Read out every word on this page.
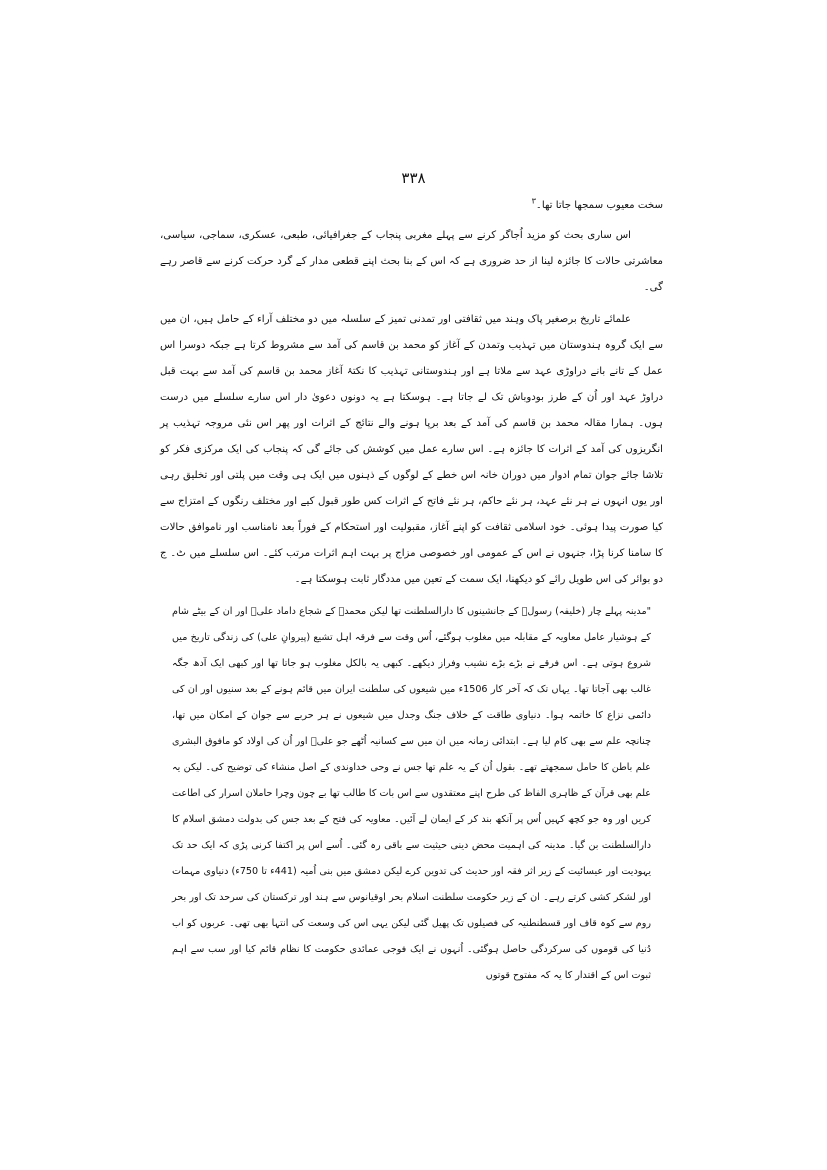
۳۳۸

سخت معیوب سمجھا جاتا تھا۔$^۳$

اس ساری بحث کو مزید اُجاگر کرنے سے پہلے مغربی پنجاب کے جغرافیائی، طبعی، عسکری، سماجی، سیاسی، معاشرتی حالات کا جائزہ لینا از حد ضروری ہے کہ اس کے بنا بحث اپنے قطعی مدار کے گرد حرکت کرنے سے قاصر رہے گی۔

علمائے تاریخ برصغیر پاک وہند میں ثقافتی اور تمدنی تمیز کے سلسلہ میں دو مختلف آراء کے حامل ہیں، ان میں سے ایک گروہ ہندوستان میں تہذیب وتمدن کے آغاز کو محمد بن قاسم کی آمد سے مشروط کرتا ہے جبکہ دوسرا اس عمل کے تانے بانے دراوڑی عہد سے ملاتا ہے اور ہندوستانی تہذیب کا نکتۂ آغاز محمد بن قاسم کی آمد سے بہت قبل دراوڑ عہد اور اُن کے طرز بودوباش تک لے جاتا ہے۔ ہوسکتا ہے یہ دونوں دعویٰ دار اس سارے سلسلے میں درست ہوں۔ ہمارا مقالہ محمد بن قاسم کی آمد کے بعد برپا ہونے والے نتائج کے اثرات اور پھر اس نئی مروجہ تہذیب پر انگریزوں کی آمد کے اثرات کا جائزہ ہے۔ اس سارے عمل میں کوشش کی جائے گی کہ پنجاب کی ایک مرکزی فکر کو تلاشا جائے جوان تمام ادوار میں دوران خانہ اس خطے کے لوگوں کے ذہنوں میں ایک ہی وقت میں پلتی اور تخلیق رہی اور یوں انہوں نے ہر نئے عہد، ہر نئے حاکم، ہر نئے فاتح کے اثرات کس طور قبول کیے اور مختلف رنگوں کے امتزاج سے کیا صورت پیدا ہوئی۔ خود اسلامی ثقافت کو اپنے آغاز، مقبولیت اور استحکام کے فوراً بعد نامناسب اور ناموافق حالات کا سامنا کرنا پڑا، جنہوں نے اس کے عمومی اور خصوصی مزاج پر بہت اہم اثرات مرتب کئے۔ اس سلسلے میں ٹ۔ ج دو بوائر کی اس طویل رائے کو دیکھنا، ایک سمت کے تعین میں مددگار ثابت ہوسکتا ہے۔

"مدینہ پہلے چار (خلیفہ) رسولؐ کے جانشینوں کا دارالسلطنت تھا لیکن محمدؐ کے شجاع داماد علیؓ اور ان کے بیٹے شام کے ہوشیار عامل معاویہ کے مقابلہ میں مغلوب ہوگئے، اُس وقت سے فرقہ اہل تشیع (پیروانِ علی) کی زندگی تاریخ میں شروع ہوتی ہے۔ اس فرقے نے بڑے بڑے نشیب وفراز دیکھے۔ کبھی یہ بالکل مغلوب ہو جاتا تھا اور کبھی ایک آدھ جگہ غالب بھی آجاتا تھا۔ یہاں تک کہ آخر کار 1506ء میں شیعوں کی سلطنت ایران میں قائم ہونے کے بعد سنیوں اور ان کی دائمی نزاع کا خاتمہ ہوا۔ دنیاوی طاقت کے خلاف جنگ وجدل میں شیعوں نے ہر حربے سے جوان کے امکان میں تھا، چنانچہ علم سے بھی کام لیا ہے۔ ابتدائی زمانہ میں ان میں سے کسانیہ اُٹھے جو علیؓ اور اُن کی اولاد کو مافوق البشری علم باطن کا حامل سمجھتے تھے۔ بقول اُن کے یہ علم تھا جس نے وحی خداوندی کے اصل منشاء کی توضیح کی۔ لیکن یہ علم بھی قرآن کے ظاہری الفاظ کی طرح اپنے معتقدوں سے اس بات کا طالب تھا بے چون وچرا حاملان اسرار کی اطاعت کریں اور وہ جو کچھ کہیں اُس پر آنکھ بند کر کے ایمان لے آئیں۔ معاویہ کی فتح کے بعد جس کی بدولت دمشق اسلام کا دارالسلطنت بن گیا۔ مدینہ کی اہمیت محض دینی حیثیت سے باقی رہ گئی۔ اُسے اس پر اکتفا کرنی پڑی کہ ایک حد تک یہودیت اور عیسائیت کے زیر اثر فقہ اور حدیث کی تدوین کرے لیکن دمشق میں بنی اُمیہ (441ء تا 750ء) دنیاوی مہمات اور لشکر کشی کرتے رہے۔ ان کے زیر حکومت سلطنت اسلام بحر اوقیانوس سے ہند اور ترکستان کی سرحد تک اور بحر روم سے کوہ قاف اور قسطنطنیہ کی فصیلوں تک پھیل گئی لیکن یہی اس کی وسعت کی انتہا بھی تھی۔ عربوں کو اب دُنیا کی قوموں کی سرکردگی حاصل ہوگئی۔ اُنہوں نے ایک فوجی عمائدی حکومت کا نظام قائم کیا اور سب سے اہم ثبوت اس کے اقتدار کا یہ کہ مفتوح قوتوں
